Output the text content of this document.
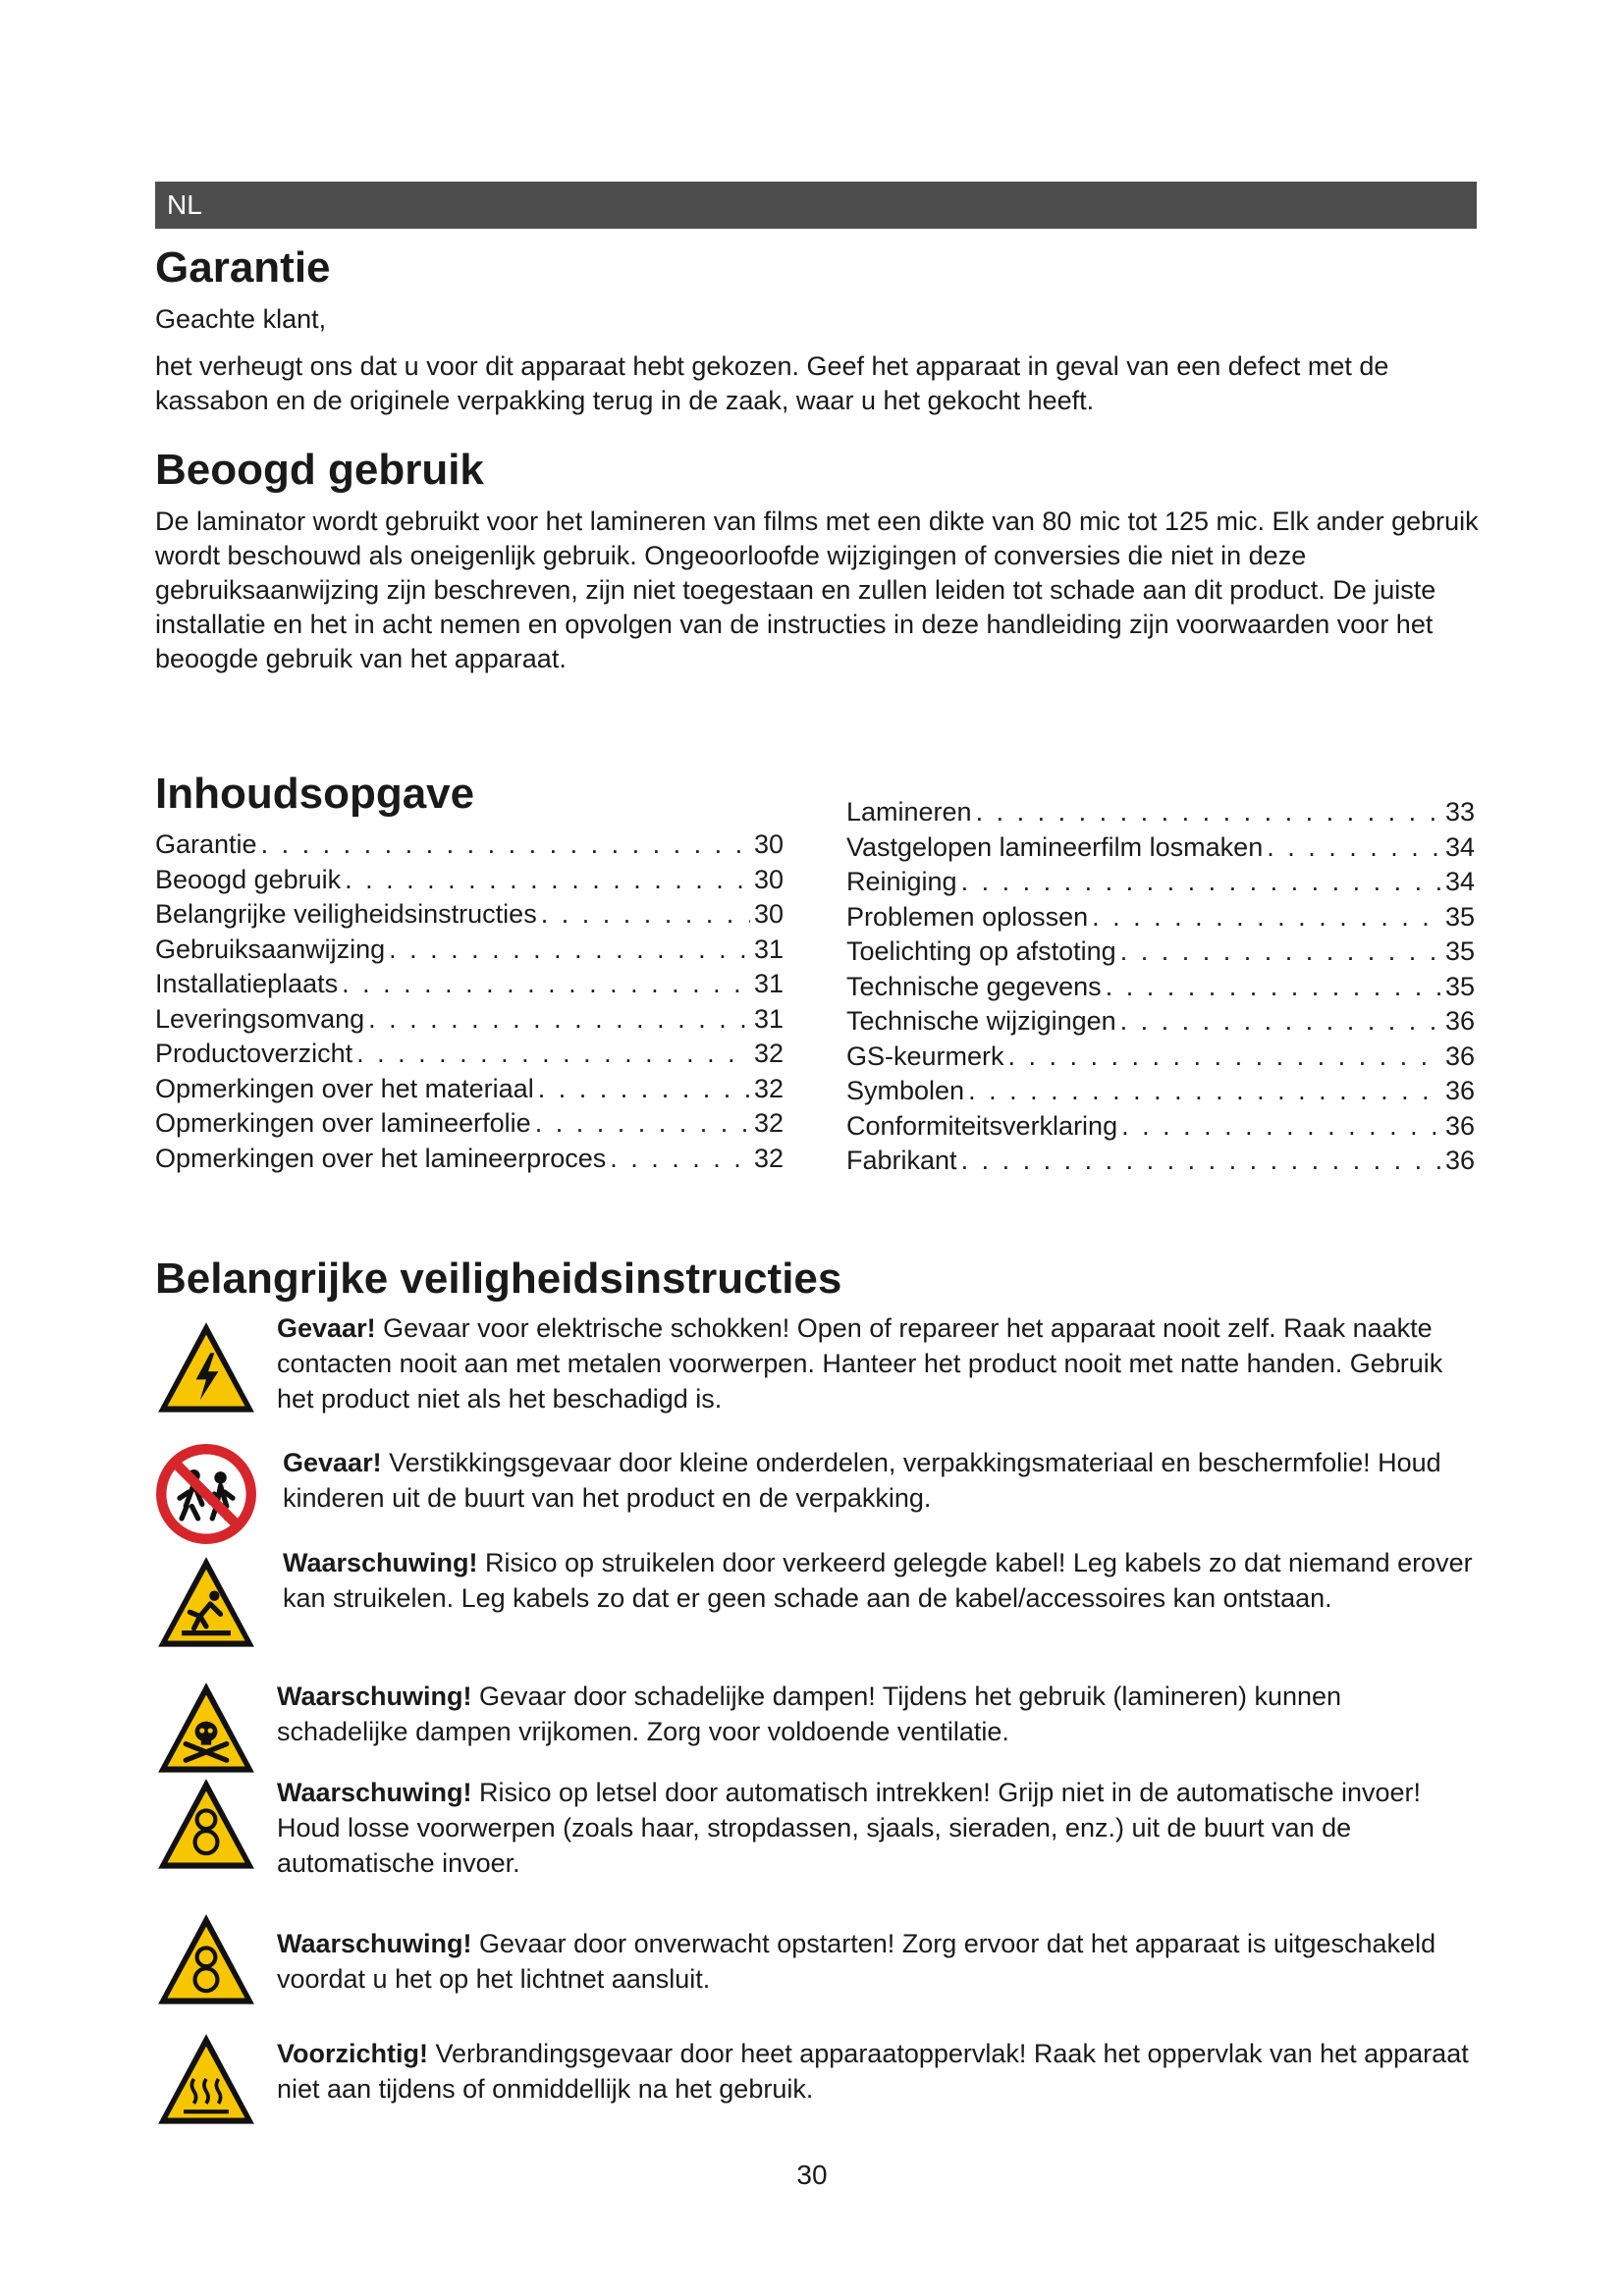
NL
Garantie

Geachte klant,

het verheugt ons dat u voor dit apparaat hebt gekozen. Geef het apparaat in geval van een defect met de kassabon en de originele verpakking terug in de zaak, waar u het gekocht heeft.

Beoogd gebruik

De laminator wordt gebruikt voor het lamineren van films met een dikte van 80 mic tot 125 mic. Elk ander gebruik wordt beschouwd als oneigenlijk gebruik. Ongeoorloofde wijzigingen of conversies die niet in deze gebruiksaanwijzing zijn beschreven, zijn niet toegestaan en zullen leiden tot schade aan dit product. De juiste installatie en het in acht nemen en opvolgen van de instructies in deze handleiding zijn voorwaarden voor het beoogde gebruik van het apparaat.

Inhoudsopgave
Garantie . . .	30
Beoogd gebruik . . .	30
Belangrijke veiligheidsinstructies . . .	30
Gebruiksaanwijzing . . .	31
Installatieplaats . . .	31
Leveringsomvang . . .	31
Productoverzicht . . .	32
Opmerkingen over het materiaal . . .	32
Opmerkingen over lamineerfolie . . .	32
Opmerkingen over het lamineerproces . . .	32
Lamineren . . .	33
Vastgelopen lamineerfilm losmaken . . .	34
Reiniging . . .	34
Problemen oplossen . . .	35
Toelichting op afstoting . . .	35
Technische gegevens . . .	35
Technische wijzigingen . . .	36
GS-keurmerk . . .	36
Symbolen . . .	36
Conformiteitsverklaring . . .	36
Fabrikant . . .	36
Belangrijke veiligheidsinstructies

Gevaar! Gevaar voor elektrische schokken! Open of repareer het apparaat nooit zelf. Raak naakte contacten nooit aan met metalen voorwerpen. Hanteer het product nooit met natte handen. Gebruik het product niet als het beschadigd is.

Gevaar! Verstikkingsgevaar door kleine onderdelen, verpakkingsmateriaal en beschermfolie! Houd kinderen uit de buurt van het product en de verpakking.

Waarschuwing! Risico op struikelen door verkeerd gelegde kabel! Leg kabels zo dat niemand erover kan struikelen. Leg kabels zo dat er geen schade aan de kabel/accessoires kan ontstaan.

Waarschuwing! Gevaar door schadelijke dampen! Tijdens het gebruik (lamineren) kunnen schadelijke dampen vrijkomen. Zorg voor voldoende ventilatie.

Waarschuwing! Risico op letsel door automatisch intrekken! Grijp niet in de automatische invoer! Houd losse voorwerpen (zoals haar, stropdassen, sjaals, sieraden, enz.) uit de buurt van de automatische invoer.

Waarschuwing! Gevaar door onverwacht opstarten! Zorg ervoor dat het apparaat is uitgeschakeld voordat u het op het lichtnet aansluit.

Voorzichtig! Verbrandingsgevaar door heet apparaatoppervlak! Raak het oppervlak van het apparaat niet aan tijdens of onmiddellijk na het gebruik.

30
